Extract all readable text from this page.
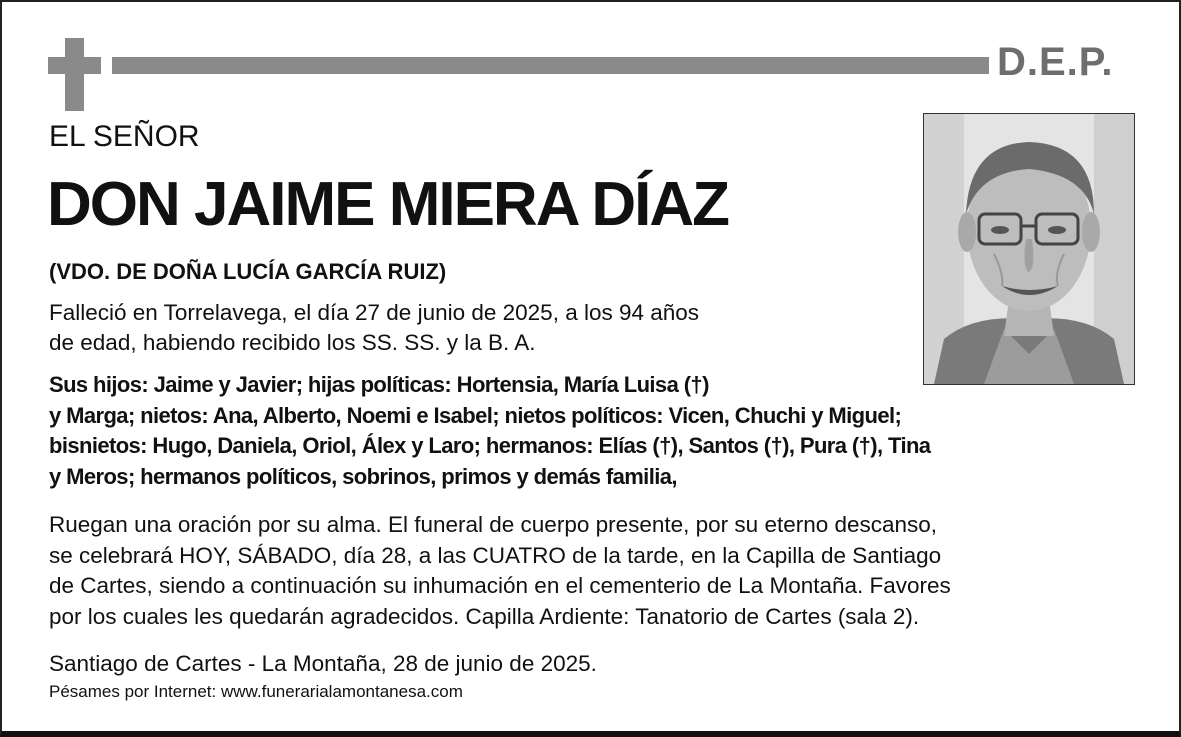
D.E.P.
EL SEÑOR
DON JAIME MIERA DÍAZ
(VDO. DE DOÑA LUCÍA GARCÍA RUIZ)

Falleció en Torrelavega, el día 27 de junio de 2025, a los 94 años
de edad, habiendo recibido los SS. SS. y la B. A.

Sus hijos: Jaime y Javier; hijas políticas: Hortensia, María Luisa (†)
y Marga; nietos: Ana, Alberto, Noemi e Isabel; nietos políticos: Vicen, Chuchi y Miguel;
bisnietos: Hugo, Daniela, Oriol, Álex y Laro; hermanos: Elías (†), Santos (†), Pura (†), Tina
y Meros; hermanos políticos, sobrinos, primos y demás familia,

Ruegan una oración por su alma. El funeral de cuerpo presente, por su eterno descanso,
se celebrará HOY, SÁBADO, día 28, a las CUATRO de la tarde, en la Capilla de Santiago
de Cartes, siendo a continuación su inhumación en el cementerio de La Montaña. Favores
por los cuales les quedarán agradecidos. Capilla Ardiente: Tanatorio de Cartes (sala 2).

Santiago de Cartes - La Montaña, 28 de junio de 2025.
Pésames por Internet: www.funerarialamontanesa.com
